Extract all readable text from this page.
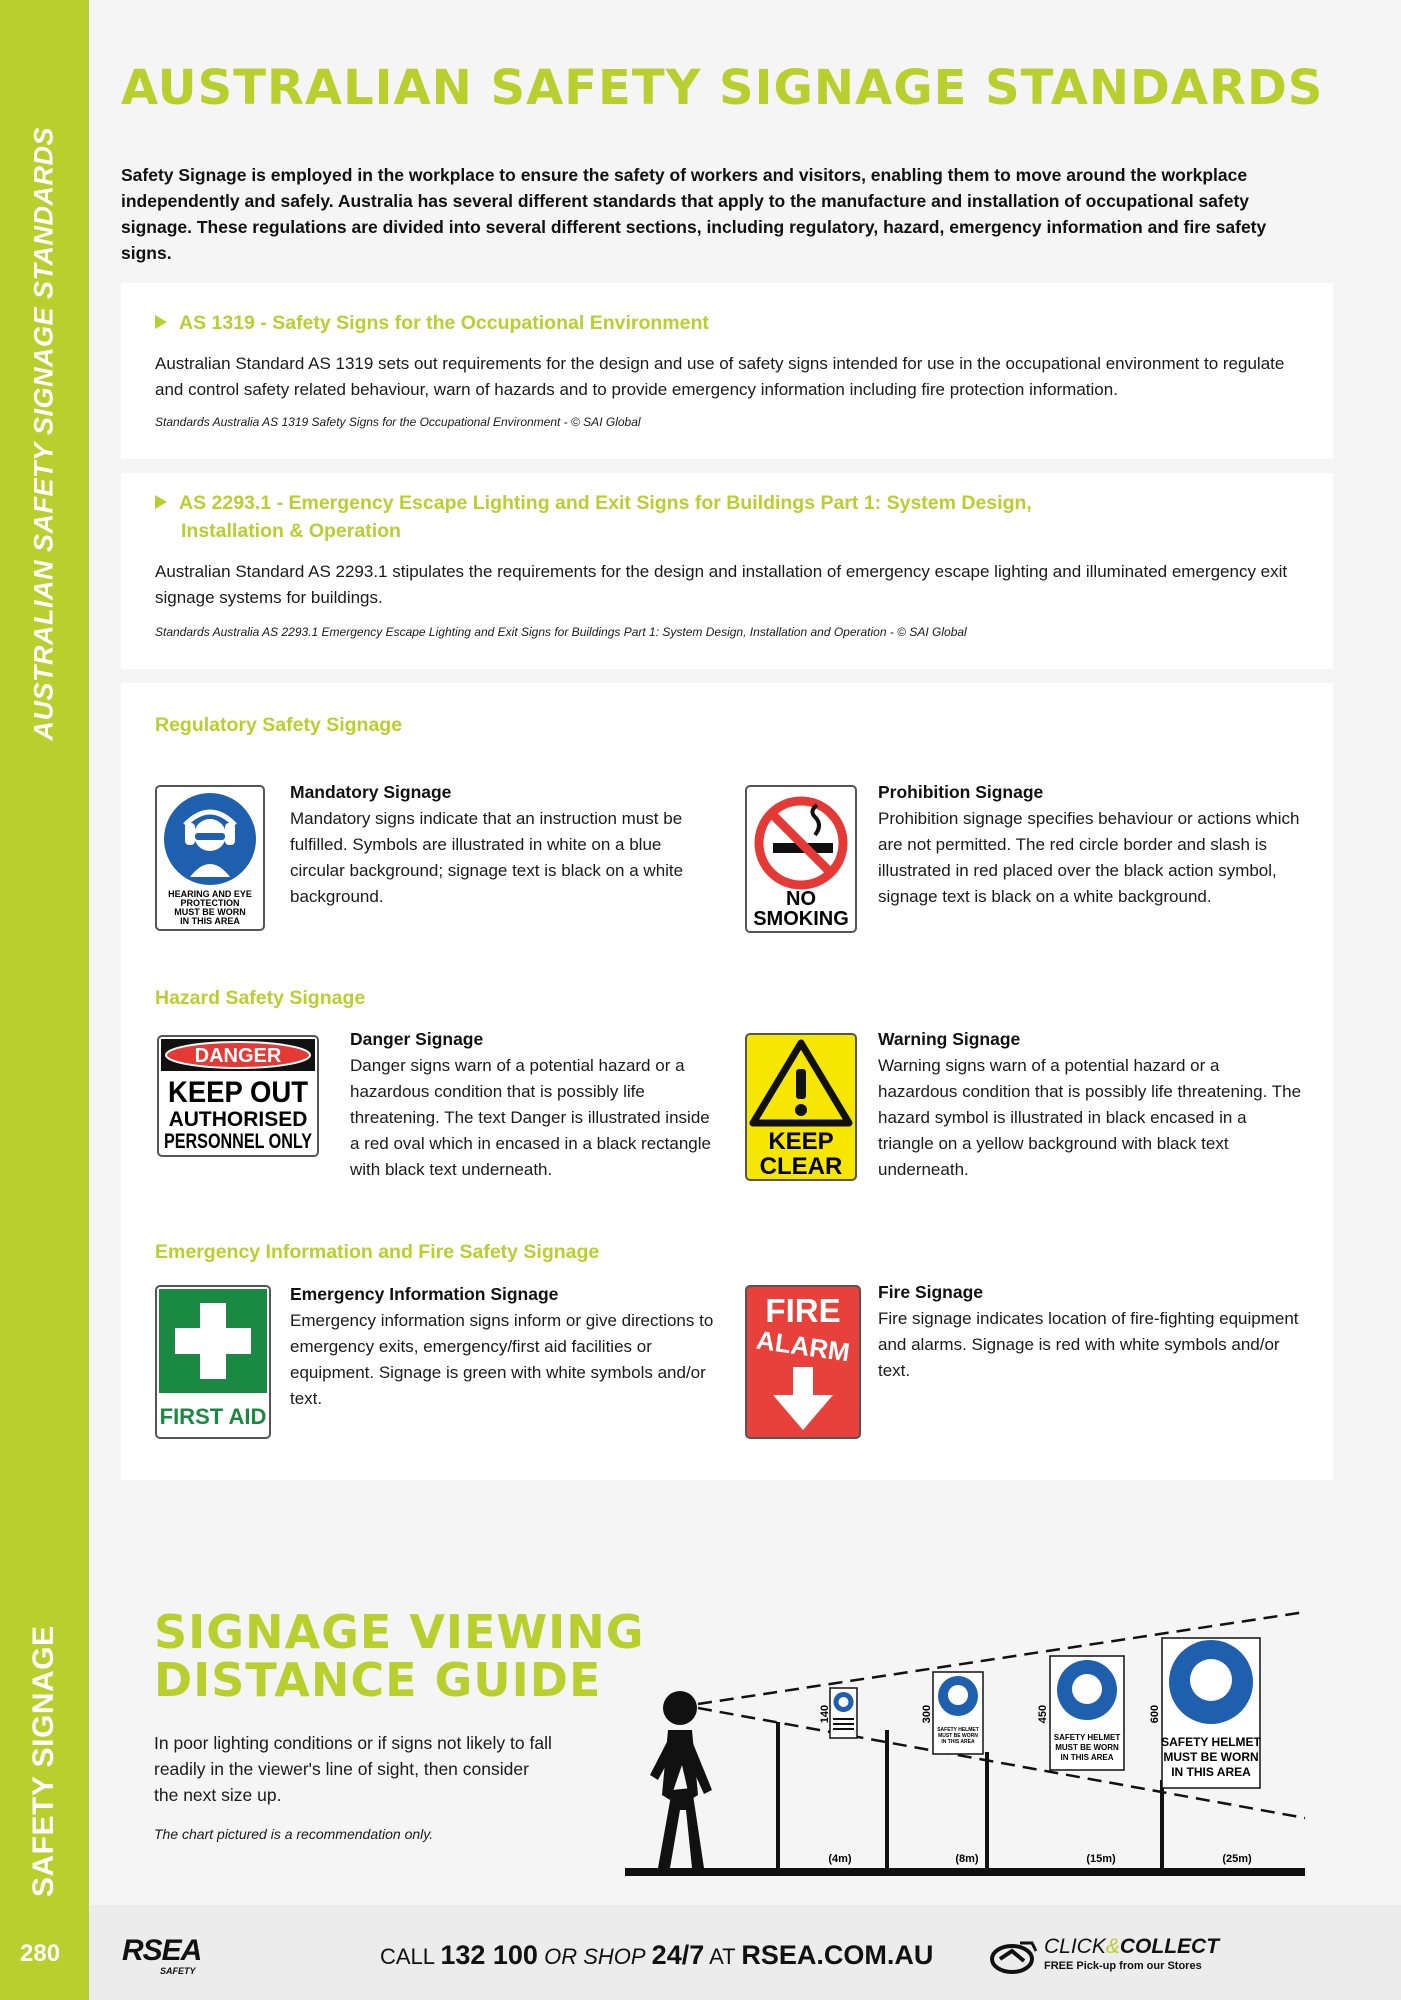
AUSTRALIAN SAFETY SIGNAGE STANDARDS
SAFETY SIGNAGE
280
AUSTRALIAN SAFETY SIGNAGE STANDARDS
Safety Signage is employed in the workplace to ensure the safety of workers and visitors, enabling them to move around the workplace independently and safely. Australia has several different standards that apply to the manufacture and installation of occupational safety signage. These regulations are divided into several different sections, including regulatory, hazard, emergency information and fire safety signs.
AS 1319 - Safety Signs for the Occupational Environment
Australian Standard AS 1319 sets out requirements for the design and use of safety signs intended for use in the occupational environment to regulate and control safety related behaviour, warn of hazards and to provide emergency information including fire protection information.
Standards Australia AS 1319 Safety Signs for the Occupational Environment - © SAI Global
AS 2293.1 - Emergency Escape Lighting and Exit Signs for Buildings Part 1: System Design,
Installation & Operation
Australian Standard AS 2293.1 stipulates the requirements for the design and installation of emergency escape lighting and illuminated emergency exit signage systems for buildings.
Standards Australia AS 2293.1 Emergency Escape Lighting and Exit Signs for Buildings Part 1: System Design, Installation and Operation - © SAI Global
Regulatory Safety Signage
HEARING AND EYE
PROTECTION
MUST BE WORN
IN THIS AREA
Mandatory Signage
Mandatory signs indicate that an instruction must be fulfilled. Symbols are illustrated in white on a blue circular background; signage text is black on a white background.	NO
SMOKING
Prohibition Signage
Prohibition signage specifies behaviour or actions which are not permitted. The red circle border and slash is illustrated in red placed over the black action symbol, signage text is black on a white background.
Hazard Safety Signage
DANGER
KEEP OUT
AUTHORISED
PERSONNEL ONLY
Danger Signage
Danger signs warn of a potential hazard or a hazardous condition that is possibly life threatening. The text Danger is illustrated inside a red oval which in encased in a black rectangle with black text underneath.
KEEP
CLEAR
Warning Signage
Warning signs warn of a potential hazard or a hazardous condition that is possibly life threatening. The hazard symbol is illustrated in black encased in a triangle on a yellow background with black text underneath.
Emergency Information and Fire Safety Signage
FIRST AID
Emergency Information Signage
Emergency information signs inform or give directions to emergency exits, emergency/first aid facilities or equipment. Signage is green with white symbols and/or text.
FIRE
ALARM
Fire Signage
Fire signage indicates location of fire-fighting equipment and alarms. Signage is red with white symbols and/or text.
SIGNAGE VIEWING
DISTANCE GUIDE
In poor lighting conditions or if signs not likely to fall readily in the viewer's line of sight, then consider the next size up.
The chart pictured is a recommendation only.
SAFETY HELMET
MUST BE WORN
IN THIS AREA	SAFETY HELMET
MUST BE WORN
IN THIS AREA
SAFETY HELMET
MUST BE WORN
IN THIS AREA
140	300	450	600
(4m)	(8m)	(15m)	(25m)
RSEA
SAFETY
CALL 132 100 OR SHOP 24/7 AT RSEA.COM.AU	CLICK&COLLECT
FREE Pick-up from our Stores
